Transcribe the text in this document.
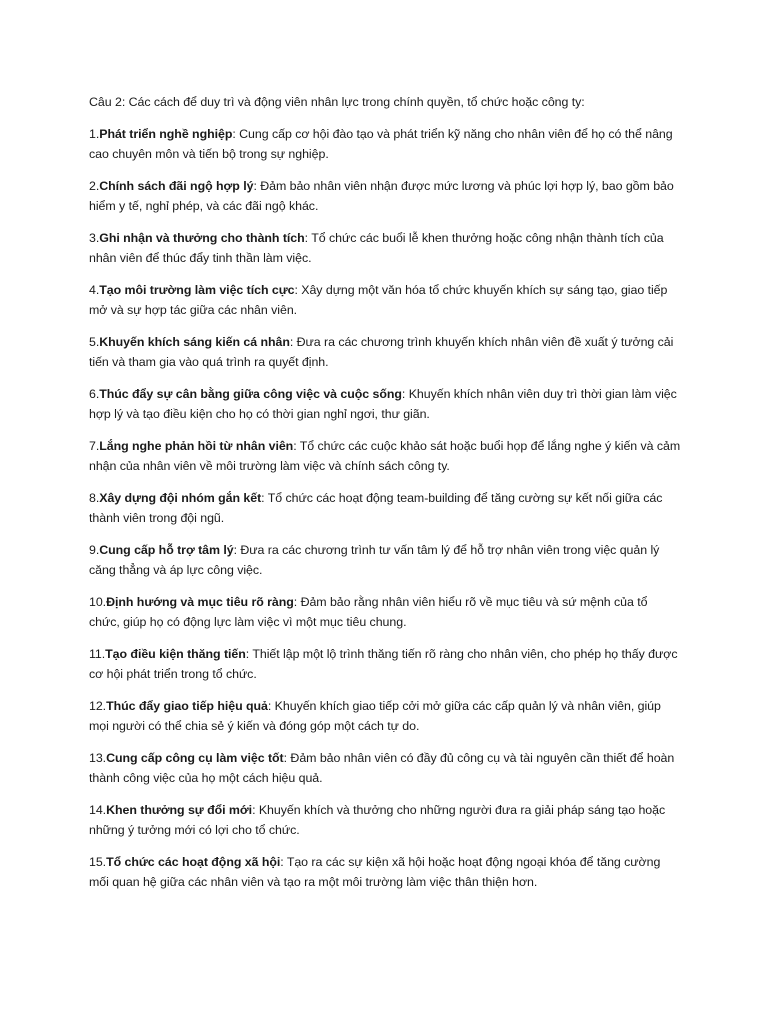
Câu 2: Các cách để duy trì và động viên nhân lực trong chính quyền, tổ chức hoặc công ty:

1.Phát triển nghề nghiệp: Cung cấp cơ hội đào tạo và phát triển kỹ năng cho nhân viên để họ có thể nâng cao chuyên môn và tiến bộ trong sự nghiệp.

2.Chính sách đãi ngộ hợp lý: Đảm bảo nhân viên nhận được mức lương và phúc lợi hợp lý, bao gồm bảo hiểm y tế, nghỉ phép, và các đãi ngộ khác.

3.Ghi nhận và thưởng cho thành tích: Tổ chức các buổi lễ khen thưởng hoặc công nhận thành tích của nhân viên để thúc đẩy tinh thần làm việc.

4.Tạo môi trường làm việc tích cực: Xây dựng một văn hóa tổ chức khuyến khích sự sáng tạo, giao tiếp mở và sự hợp tác giữa các nhân viên.

5.Khuyến khích sáng kiến cá nhân: Đưa ra các chương trình khuyến khích nhân viên đề xuất ý tưởng cải tiến và tham gia vào quá trình ra quyết định.

6.Thúc đẩy sự cân bằng giữa công việc và cuộc sống: Khuyến khích nhân viên duy trì thời gian làm việc hợp lý và tạo điều kiện cho họ có thời gian nghỉ ngơi, thư giãn.

7.Lắng nghe phản hồi từ nhân viên: Tổ chức các cuộc khảo sát hoặc buổi họp để lắng nghe ý kiến và cảm nhận của nhân viên về môi trường làm việc và chính sách công ty.

8.Xây dựng đội nhóm gắn kết: Tổ chức các hoạt động team-building để tăng cường sự kết nối giữa các thành viên trong đội ngũ.

9.Cung cấp hỗ trợ tâm lý: Đưa ra các chương trình tư vấn tâm lý để hỗ trợ nhân viên trong việc quản lý căng thẳng và áp lực công việc.

10.Định hướng và mục tiêu rõ ràng: Đảm bảo rằng nhân viên hiểu rõ về mục tiêu và sứ mệnh của tổ chức, giúp họ có động lực làm việc vì một mục tiêu chung.

11.Tạo điều kiện thăng tiến: Thiết lập một lộ trình thăng tiến rõ ràng cho nhân viên, cho phép họ thấy được cơ hội phát triển trong tổ chức.

12.Thúc đẩy giao tiếp hiệu quả: Khuyến khích giao tiếp cởi mở giữa các cấp quản lý và nhân viên, giúp mọi người có thể chia sẻ ý kiến và đóng góp một cách tự do.

13.Cung cấp công cụ làm việc tốt: Đảm bảo nhân viên có đầy đủ công cụ và tài nguyên cần thiết để hoàn thành công việc của họ một cách hiệu quả.

14.Khen thưởng sự đổi mới: Khuyến khích và thưởng cho những người đưa ra giải pháp sáng tạo hoặc những ý tưởng mới có lợi cho tổ chức.

15.Tổ chức các hoạt động xã hội: Tạo ra các sự kiện xã hội hoặc hoạt động ngoại khóa để tăng cường mối quan hệ giữa các nhân viên và tạo ra một môi trường làm việc thân thiện hơn.
